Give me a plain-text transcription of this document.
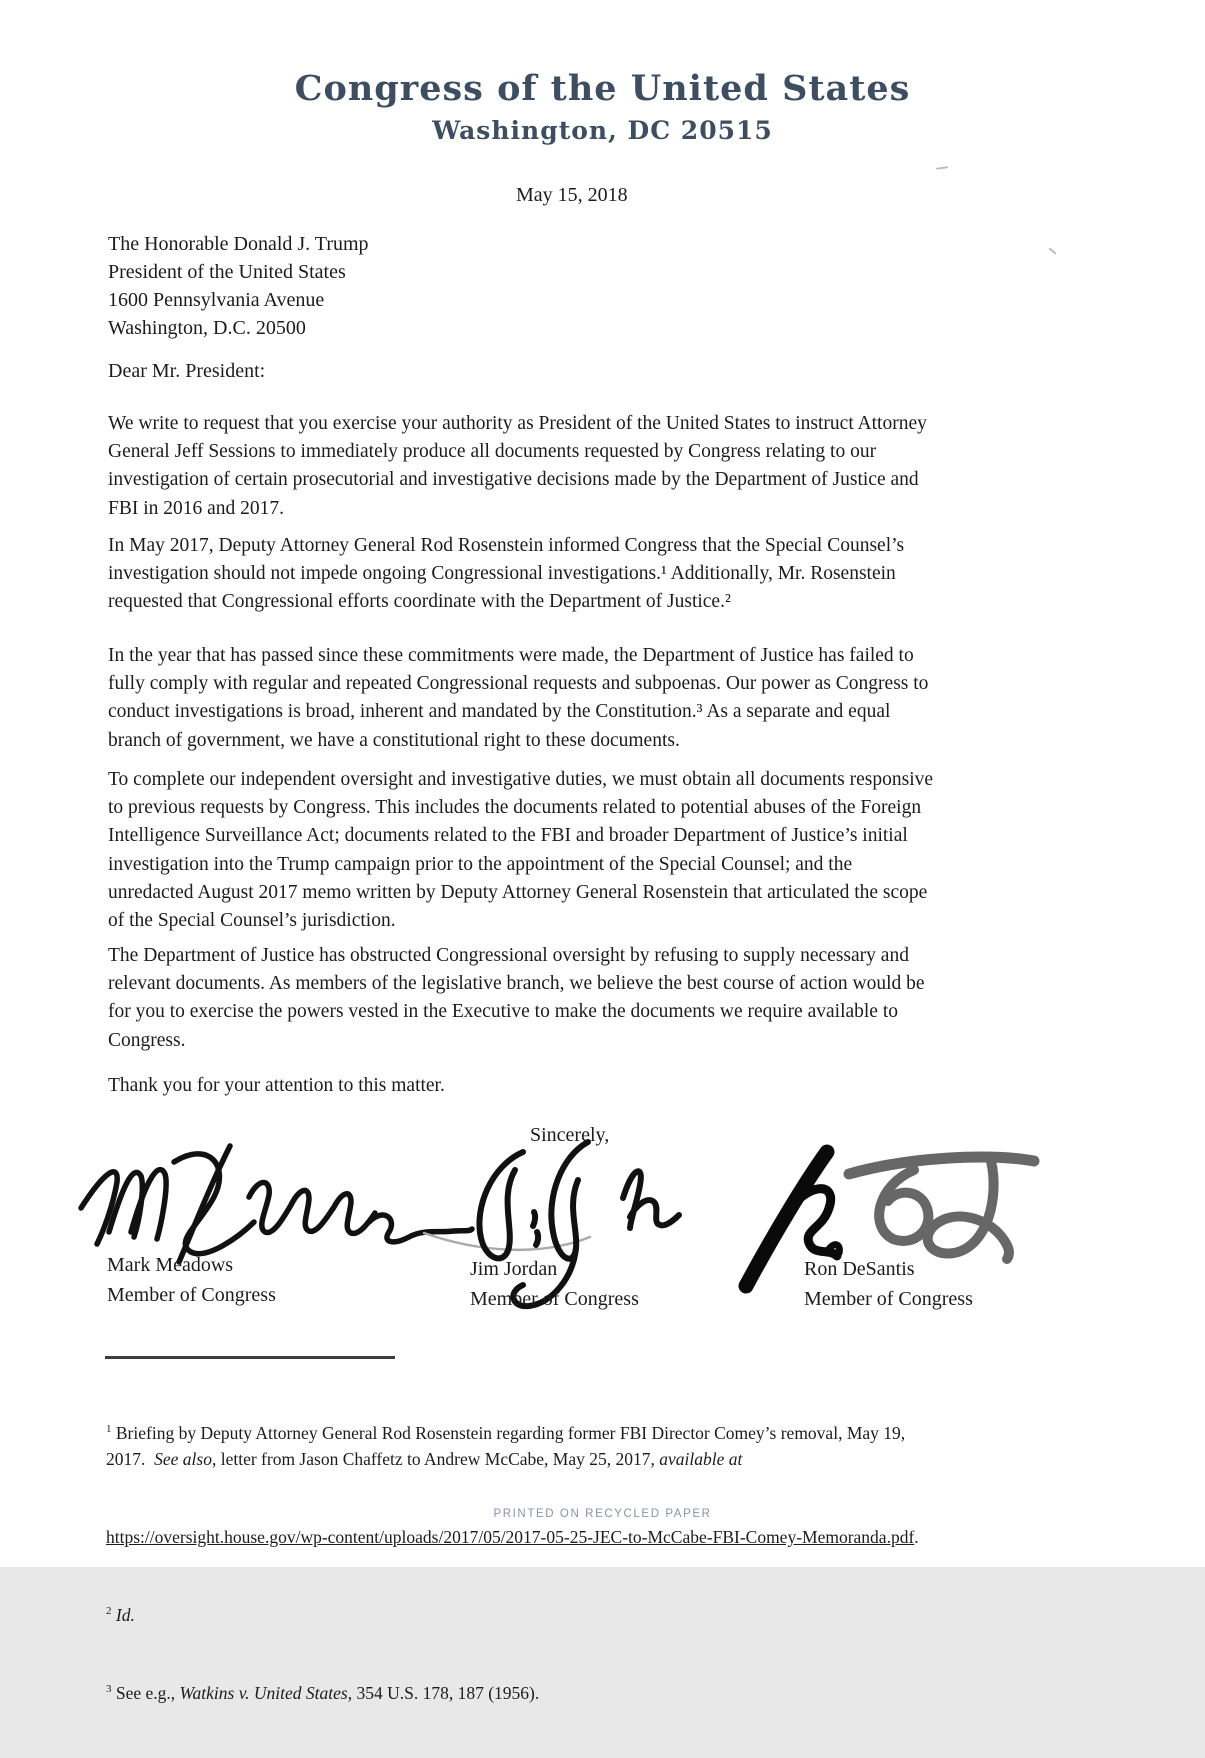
Congress of the United States
Washington, DC 20515
May 15, 2018
The Honorable Donald J. Trump
President of the United States
1600 Pennsylvania Avenue
Washington, D.C. 20500
Dear Mr. President:
We write to request that you exercise your authority as President of the United States to instruct Attorney
General Jeff Sessions to immediately produce all documents requested by Congress relating to our
investigation of certain prosecutorial and investigative decisions made by the Department of Justice and
FBI in 2016 and 2017.
In May 2017, Deputy Attorney General Rod Rosenstein informed Congress that the Special Counsel’s
investigation should not impede ongoing Congressional investigations.¹ Additionally, Mr. Rosenstein
requested that Congressional efforts coordinate with the Department of Justice.²
In the year that has passed since these commitments were made, the Department of Justice has failed to
fully comply with regular and repeated Congressional requests and subpoenas. Our power as Congress to
conduct investigations is broad, inherent and mandated by the Constitution.³ As a separate and equal
branch of government, we have a constitutional right to these documents.
To complete our independent oversight and investigative duties, we must obtain all documents responsive
to previous requests by Congress. This includes the documents related to potential abuses of the Foreign
Intelligence Surveillance Act; documents related to the FBI and broader Department of Justice’s initial
investigation into the Trump campaign prior to the appointment of the Special Counsel; and the
unredacted August 2017 memo written by Deputy Attorney General Rosenstein that articulated the scope
of the Special Counsel’s jurisdiction.
The Department of Justice has obstructed Congressional oversight by refusing to supply necessary and
relevant documents. As members of the legislative branch, we believe the best course of action would be
for you to exercise the powers vested in the Executive to make the documents we require available to
Congress.
Thank you for your attention to this matter.
Sincerely,
Mark Meadows
Member of Congress
Jim Jordan
Member of Congress
Ron DeSantis
Member of Congress

$^1$ Briefing by Deputy Attorney General Rod Rosenstein regarding former FBI Director Comey’s removal, May 19,
2017.  See also, letter from Jason Chaffetz to Andrew McCabe, May 25, 2017, available at

https://oversight.house.gov/wp-content/uploads/2017/05/2017-05-25-JEC-to-McCabe-FBI-Comey-Memoranda.pdf.

$^2$ Id.

$^3$ See e.g., Watkins v. United States, 354 U.S. 178, 187 (1956).

PRINTED ON RECYCLED PAPER
